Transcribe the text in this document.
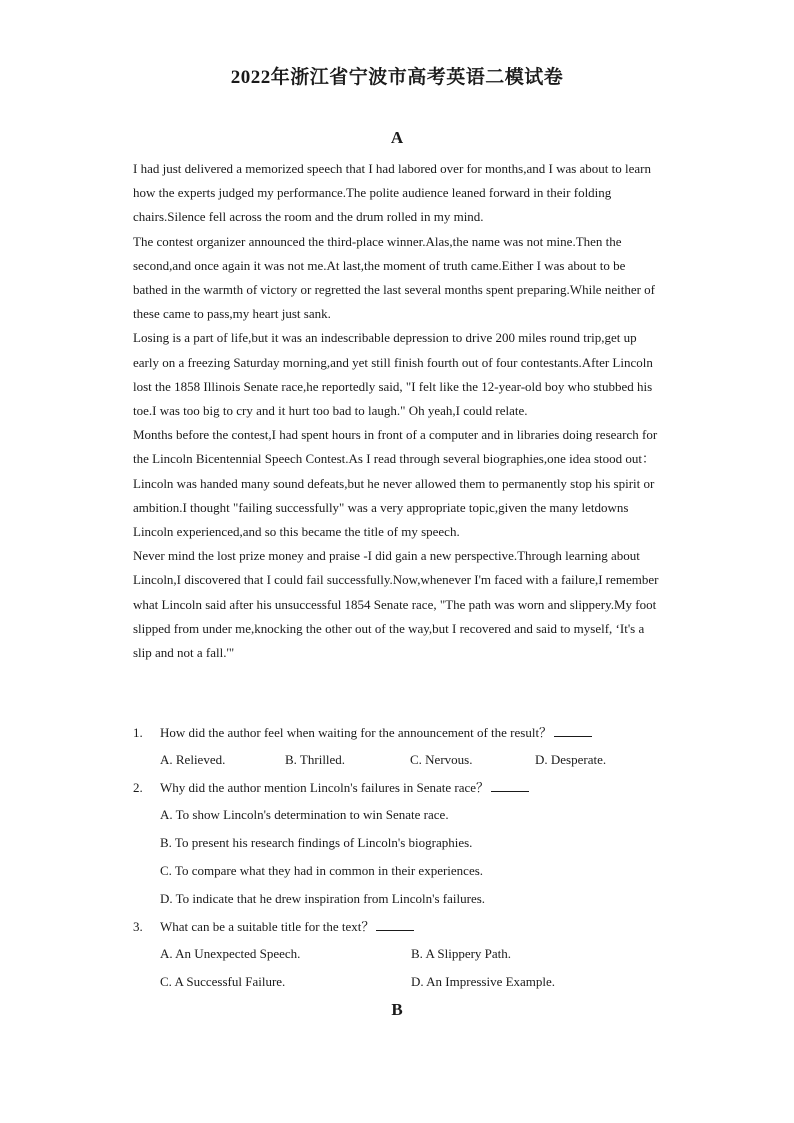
2022年浙江省宁波市高考英语二模试卷
A

I had just delivered a memorized speech that I had labored over for months,and I was about to learn how the experts judged my performance.The polite audience leaned forward in their folding chairs.Silence fell across the room and the drum rolled in my mind.

The contest organizer announced the third-place winner.Alas,the name was not mine.Then the second,and once again it was not me.At last,the moment of truth came.Either I was about to be bathed in the warmth of victory or regretted the last several months spent preparing.While neither of these came to pass,my heart just sank.

Losing is a part of life,but it was an indescribable depression to drive 200 miles round trip,get up early on a freezing Saturday morning,and yet still finish fourth out of four contestants.After Lincoln lost the 1858 Illinois Senate race,he reportedly said, "I felt like the 12-year-old boy who stubbed his toe.I was too big to cry and it hurt too bad to laugh." Oh yeah,I could relate.

Months before the contest,I had spent hours in front of a computer and in libraries doing research for the Lincoln Bicentennial Speech Contest.As I read through several biographies,one idea stood out：Lincoln was handed many sound defeats,but he never allowed them to permanently stop his spirit or ambition.I thought "failing successfully" was a very appropriate topic,given the many letdowns Lincoln experienced,and so this became the title of my speech.

Never mind the lost prize money and praise -I did gain a new perspective.Through learning about Lincoln,I discovered that I could fail successfully.Now,whenever I'm faced with a failure,I remember what Lincoln said after his unsuccessful 1854 Senate race, "The path was worn and slippery.My foot slipped from under me,knocking the other out of the way,but I recovered and said to myself, ‘It's a slip and not a fall.'"

1. How did the author feel when waiting for the announcement of the result？
A. Relieved.	B. Thrilled.	C. Nervous.	D. Desperate.
2. Why did the author mention Lincoln's failures in Senate race？
A. To show Lincoln's determination to win Senate race.
B. To present his research findings of Lincoln's biographies.
C. To compare what they had in common in their experiences.
D. To indicate that he drew inspiration from Lincoln's failures.
3. What can be a suitable title for the text？
A. An Unexpected Speech.	B. A Slippery Path.
C. A Successful Failure.	D. An Impressive Example.
B
